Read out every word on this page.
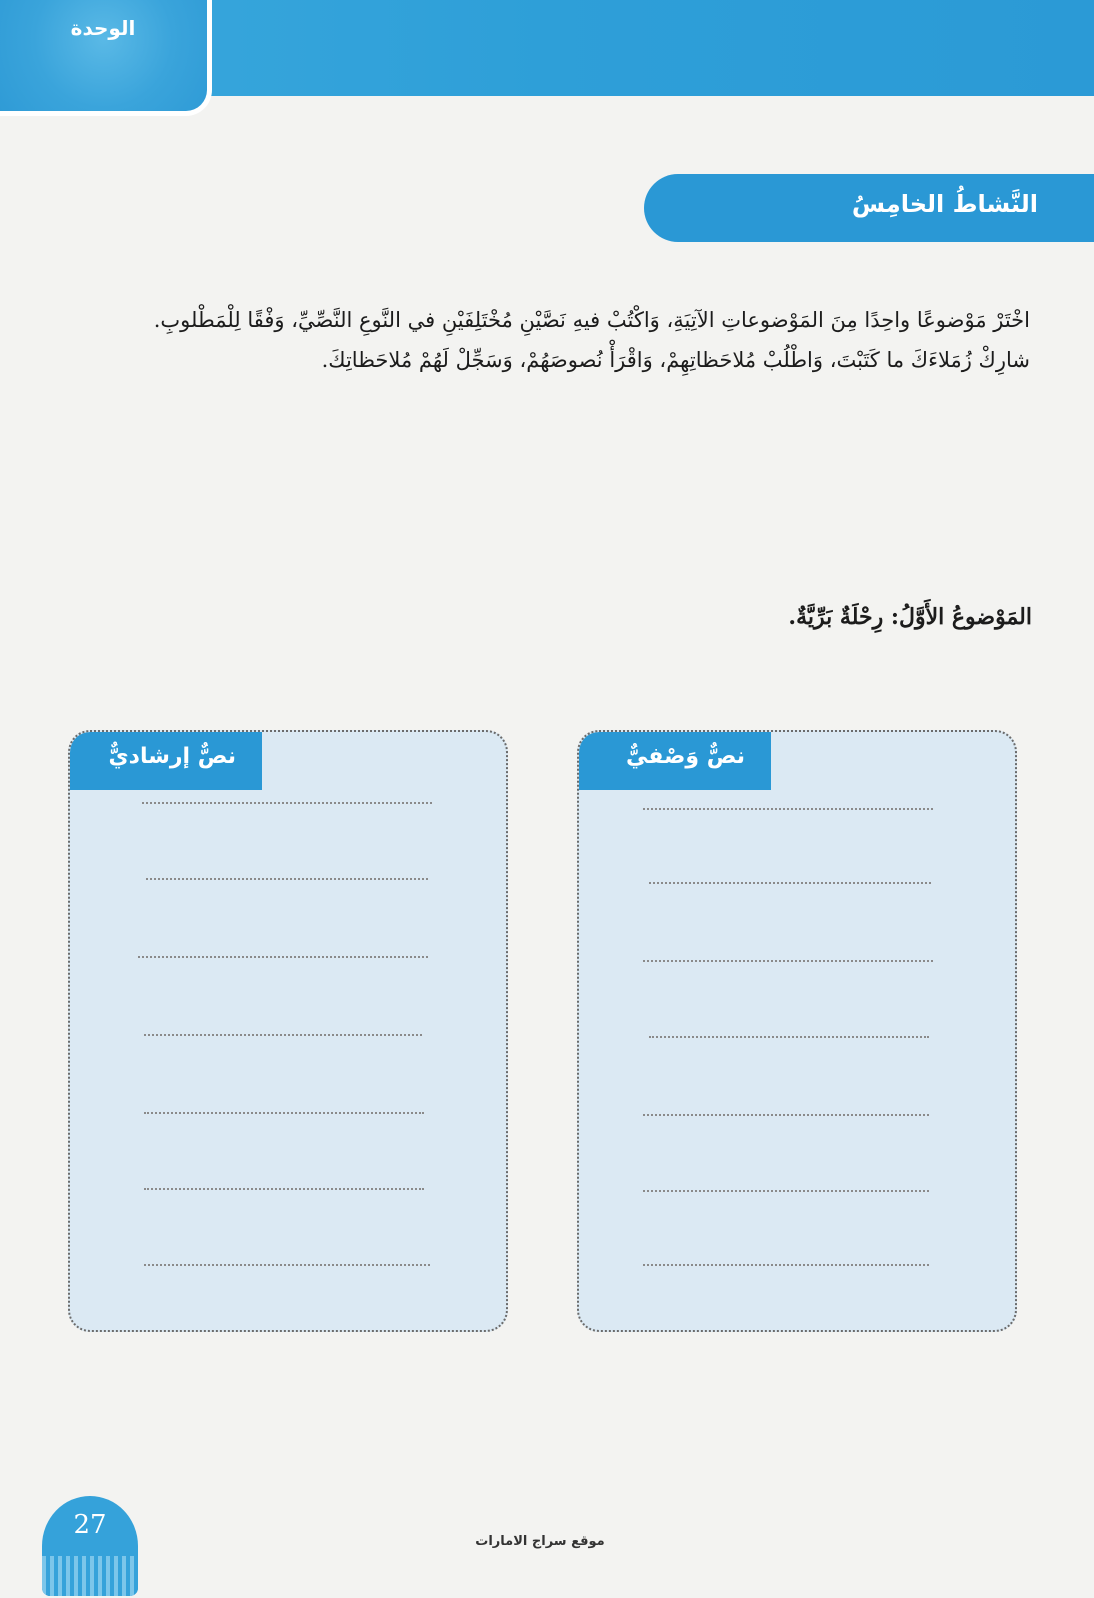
الوحدة
النَّشاطُ الخامِسُ

اخْتَرْ مَوْضوعًا واحِدًا مِنَ المَوْضوعاتِ الآتِيَةِ، وَاكْتُبْ فيهِ نَصَّيْنِ مُخْتَلِفَيْنِ في النَّوعِ النَّصِّيِّ، وَفْقًا لِلْمَطْلوبِ.

شارِكْ زُمَلاءَكَ ما كَتَبْتَ، وَاطْلُبْ مُلاحَظاتِهِمْ، وَاقْرَأْ نُصوصَهُمْ، وَسَجِّلْ لَهُمْ مُلاحَظاتِكَ.

المَوْضوعُ الأَوَّلُ: رِحْلَةٌ بَرِّيَّةٌ.
نصٌّ إرشاديٌّ	نصٌّ وَصْفيٌّ
27
موقع سراج الامارات
